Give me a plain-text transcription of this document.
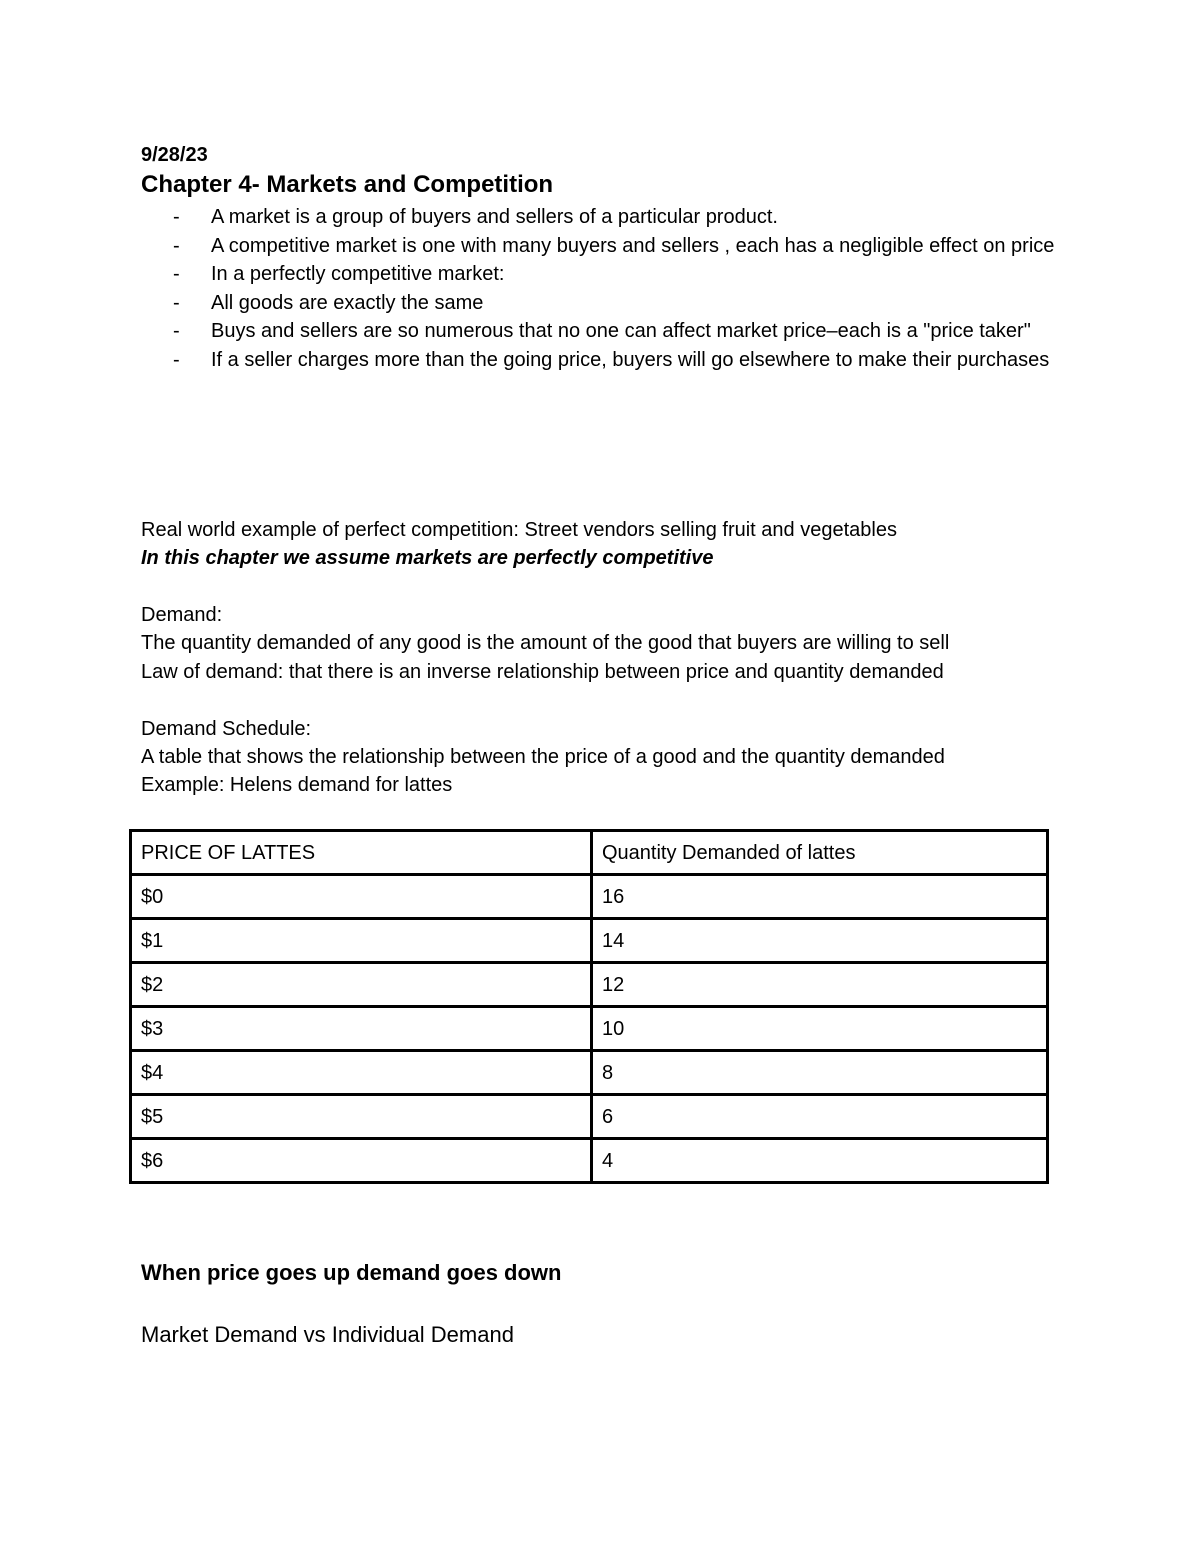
9/28/23
Chapter 4- Markets and Competition
- A market is a group of buyers and sellers of a particular product.
- A competitive market is one with many buyers and sellers , each has a negligible effect on price
- In a perfectly competitive market:
- All goods are exactly the same
- Buys and sellers are so numerous that no one can affect market price–each is a "price taker"
- If a seller charges more than the going price, buyers will go elsewhere to make their purchases
Real world example of perfect competition: Street vendors selling fruit and vegetables
In this chapter we assume markets are perfectly competitive
Demand:
The quantity demanded of any good is the amount of the good that buyers are willing to sell
Law of demand: that there is an inverse relationship between price and quantity demanded
Demand Schedule:
A table that shows the relationship between the price of a good and the quantity demanded
Example: Helens demand for lattes
PRICE OF LATTES	Quantity Demanded of lattes
$0	16
$1	14
$2	12
$3	10
$4	8
$5	6
$6	4
When price goes up demand goes down
Market Demand vs Individual Demand
